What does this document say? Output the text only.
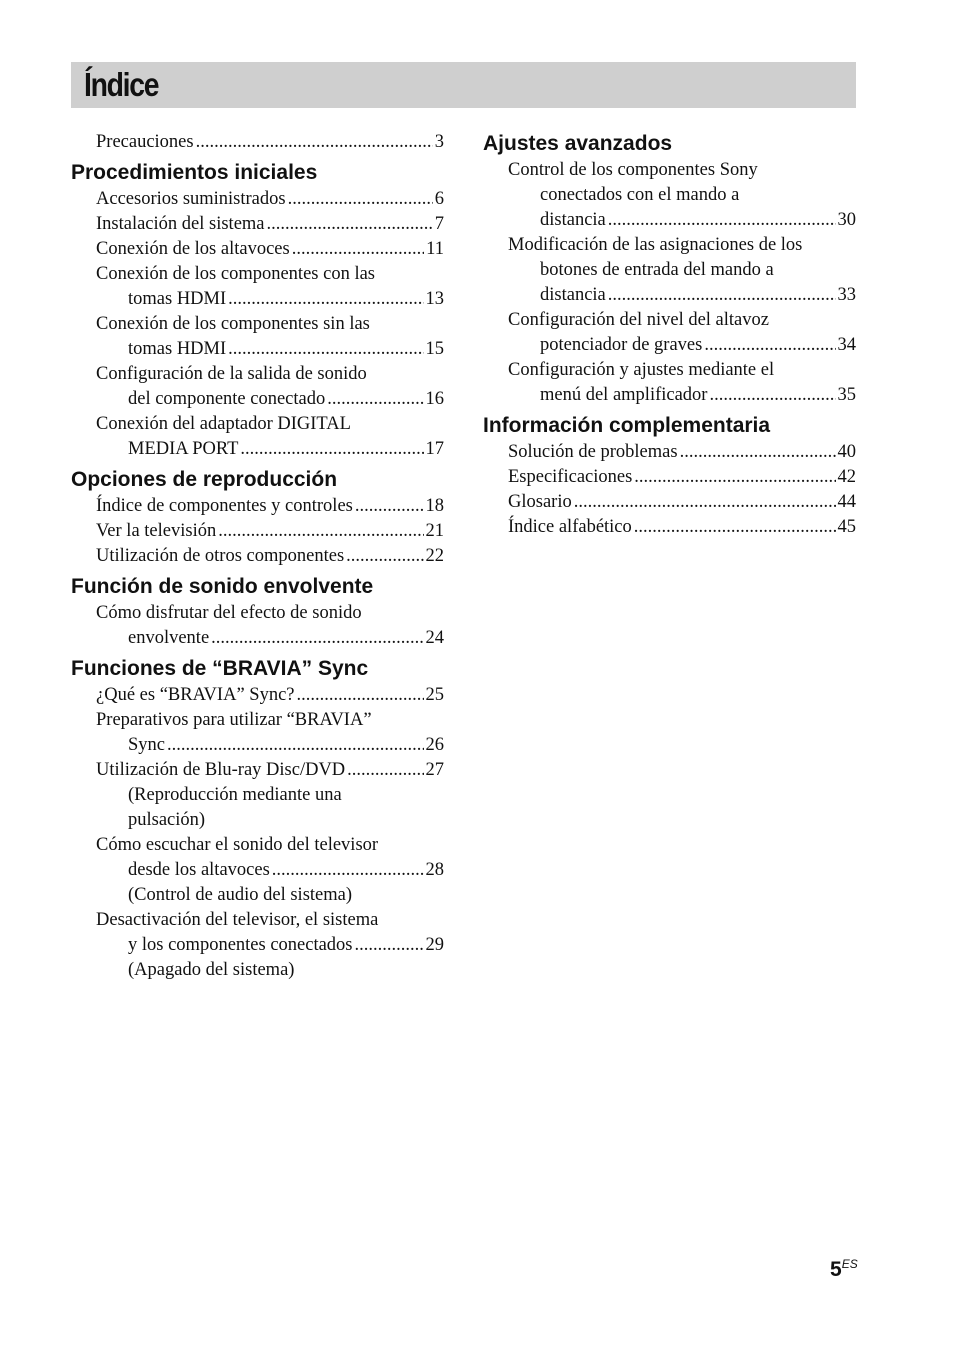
Índice
Precauciones .....	3
Procedimientos iniciales
Accesorios suministrados .....	6
Instalación del sistema .....	7
Conexión de los altavoces .....	11
Conexión de los componentes con las
tomas HDMI .....	13
Conexión de los componentes sin las
tomas HDMI .....	15
Configuración de la salida de sonido
del componente conectado .....	16
Conexión del adaptador DIGITAL
MEDIA PORT .....	17
Opciones de reproducción
Índice de componentes y controles .....	18
Ver la televisión .....	21
Utilización de otros componentes .....	22
Función de sonido envolvente
Cómo disfrutar del efecto de sonido
envolvente .....	24
Funciones de “BRAVIA” Sync
¿Qué es “BRAVIA” Sync? .....	25
Preparativos para utilizar “BRAVIA”
Sync .....	26
Utilización de Blu-ray Disc/DVD .....	27
(Reproducción mediante una
pulsación)
Cómo escuchar el sonido del televisor
desde los altavoces .....	28
(Control de audio del sistema)
Desactivación del televisor, el sistema
y los componentes conectados .....	29
(Apagado del sistema)
Ajustes avanzados
Control de los componentes Sony
conectados con el mando a
distancia .....	30
Modificación de las asignaciones de los
botones de entrada del mando a
distancia .....	33
Configuración del nivel del altavoz
potenciador de graves .....	34
Configuración y ajustes mediante el
menú del amplificador .....	35
Información complementaria
Solución de problemas .....	40
Especificaciones .....	42
Glosario .....	44
Índice alfabético .....	45
$5^{ES}$
